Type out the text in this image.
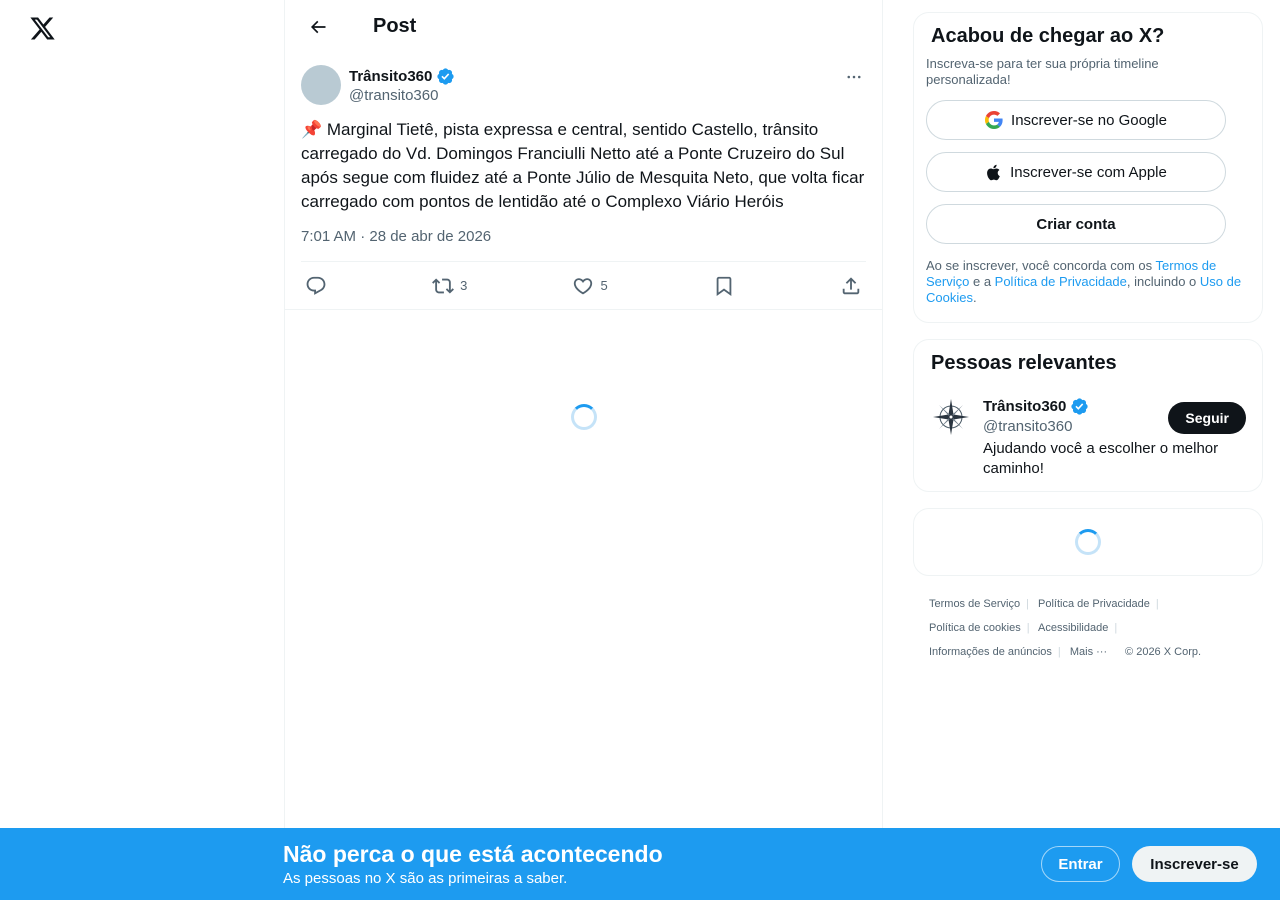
Post
Trânsito360
@transito360
📌 Marginal Tietê, pista expressa e central, sentido Castello, trânsito carregado do Vd. Domingos Franciulli Netto até a Ponte Cruzeiro do Sul após segue com fluidez até a Ponte Júlio de Mesquita Neto, que volta ficar carregado com pontos de lentidão até o Complexo Viário Heróis
7:01 AM · 28 de abr de 2026
3	5
Acabou de chegar ao X?
Inscreva-se para ter sua própria timeline personalizada!
Inscrever-se no Google
Inscrever-se com Apple
Criar conta
Ao se inscrever, você concorda com os Termos de Serviço e a Política de Privacidade, incluindo o Uso de Cookies.
Pessoas relevantes
Trânsito360
@transito360
Ajudando você a escolher o melhor caminho!
Seguir
Termos de Serviço | Política de Privacidade |
Política de cookies | Acessibilidade |
Informações de anúncios | Mais ··· © 2026 X Corp.
Não perca o que está acontecendo
As pessoas no X são as primeiras a saber.
Entrar	Inscrever-se
